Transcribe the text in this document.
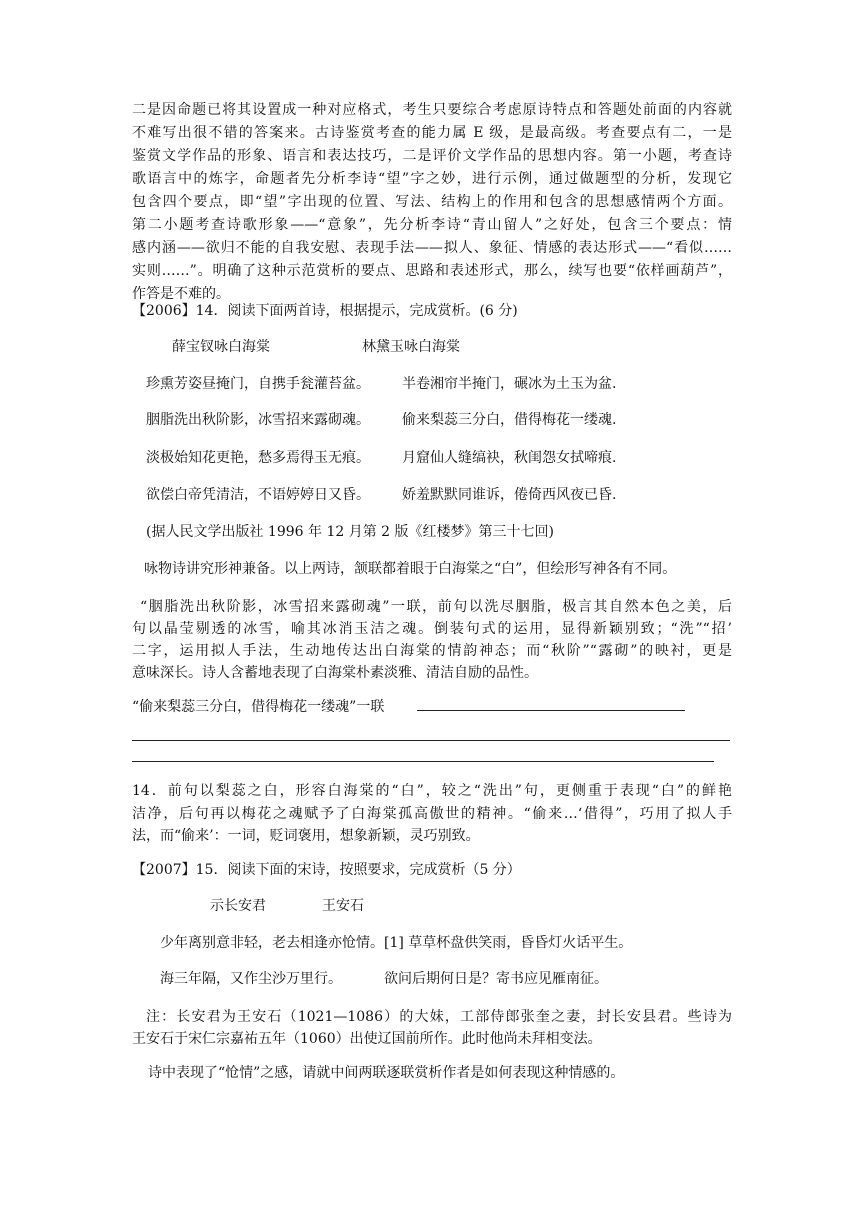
二是因命题已将其设置成一种对应格式，考生只要综合考虑原诗特点和答题处前面的内容就
不难写出很不错的答案来。古诗鉴赏考查的能力属 E 级，是最高级。考查要点有二，一是
鉴赏文学作品的形象、语言和表达技巧，二是评价文学作品的思想内容。第一小题，考查诗
歌语言中的炼字，命题者先分析李诗“望”字之妙，进行示例，通过做题型的分析，发现它
包含四个要点，即“望”字出现的位置、写法、结构上的作用和包含的思想感情两个方面。
第二小题考查诗歌形象——“意象”，先分析李诗“青山留人”之好处，包含三个要点：情
感内涵——欲归不能的自我安慰、表现手法——拟人、象征、情感的表达形式——“看似……
实则……”。明确了这种示范赏析的要点、思路和表述形式，那么，续写也要“依样画葫芦”，
作答是不难的。
【2006】14．阅读下面两首诗，根据提示，完成赏析。(6 分)
薛宝钗咏白海棠	林黛玉咏白海棠
珍熏芳姿昼掩门，自携手瓮灌苔盆。 半卷湘帘半掩门，碾冰为土玉为盆.
胭脂洗出秋阶影，冰雪招来露砌魂。 偷来梨蕊三分白，借得梅花一缕魂.
淡极始知花更艳，愁多焉得玉无痕。 月窟仙人缝缟袂，秋闺怨女拭啼痕.
欲偿白帝凭清洁，不语婷婷日又昏。 娇羞默默同谁诉，倦倚西风夜已昏.
(据人民文学出版社 1996 年 12 月第 2 版《红楼梦》第三十七回)
咏物诗讲究形神兼备。以上两诗，颔联都着眼于白海棠之“白”，但绘形写神各有不同。
“胭脂洗出秋阶影，冰雪招来露砌魂”一联，前句以洗尽胭脂，极言其自然本色之美，后
句以晶莹剔透的冰雪，喻其冰消玉洁之魂。倒装句式的运用，显得新颖别致；“洗”“招’
二字，运用拟人手法，生动地传达出白海棠的情韵神态；而“秋阶”“露砌”的映衬，更是
意味深长。诗人含蓄地表现了白海棠朴素淡雅、清洁自励的品性。
“偷来梨蕊三分白，借得梅花一缕魂”一联
14．前句以梨蕊之白，形容白海棠的“白”，较之“洗出”句，更侧重于表现“白”的鲜艳
洁净，后句再以梅花之魂赋予了白海棠孤高傲世的精神。“偷来…‘借得”，巧用了拟人手
法，而“偷来’：一词，贬词褒用，想象新颖，灵巧别致。
【2007】15．阅读下面的宋诗，按照要求，完成赏析（5 分）
示长安君	王安石
少年离别意非轻，老去相逢亦怆情。[1] 草草杯盘供笑雨，昏昏灯火话平生。
海三年隔，又作尘沙万里行。	欲问后期何日是？寄书应见雁南征。
注：长安君为王安石（1021—1086）的大妹，工部侍郎张奎之妻，封长安县君。些诗为
王安石于宋仁宗嘉祐五年（1060）出使辽国前所作。此时他尚未拜相变法。
诗中表现了“怆情”之感，请就中间两联逐联赏析作者是如何表现这种情感的。
